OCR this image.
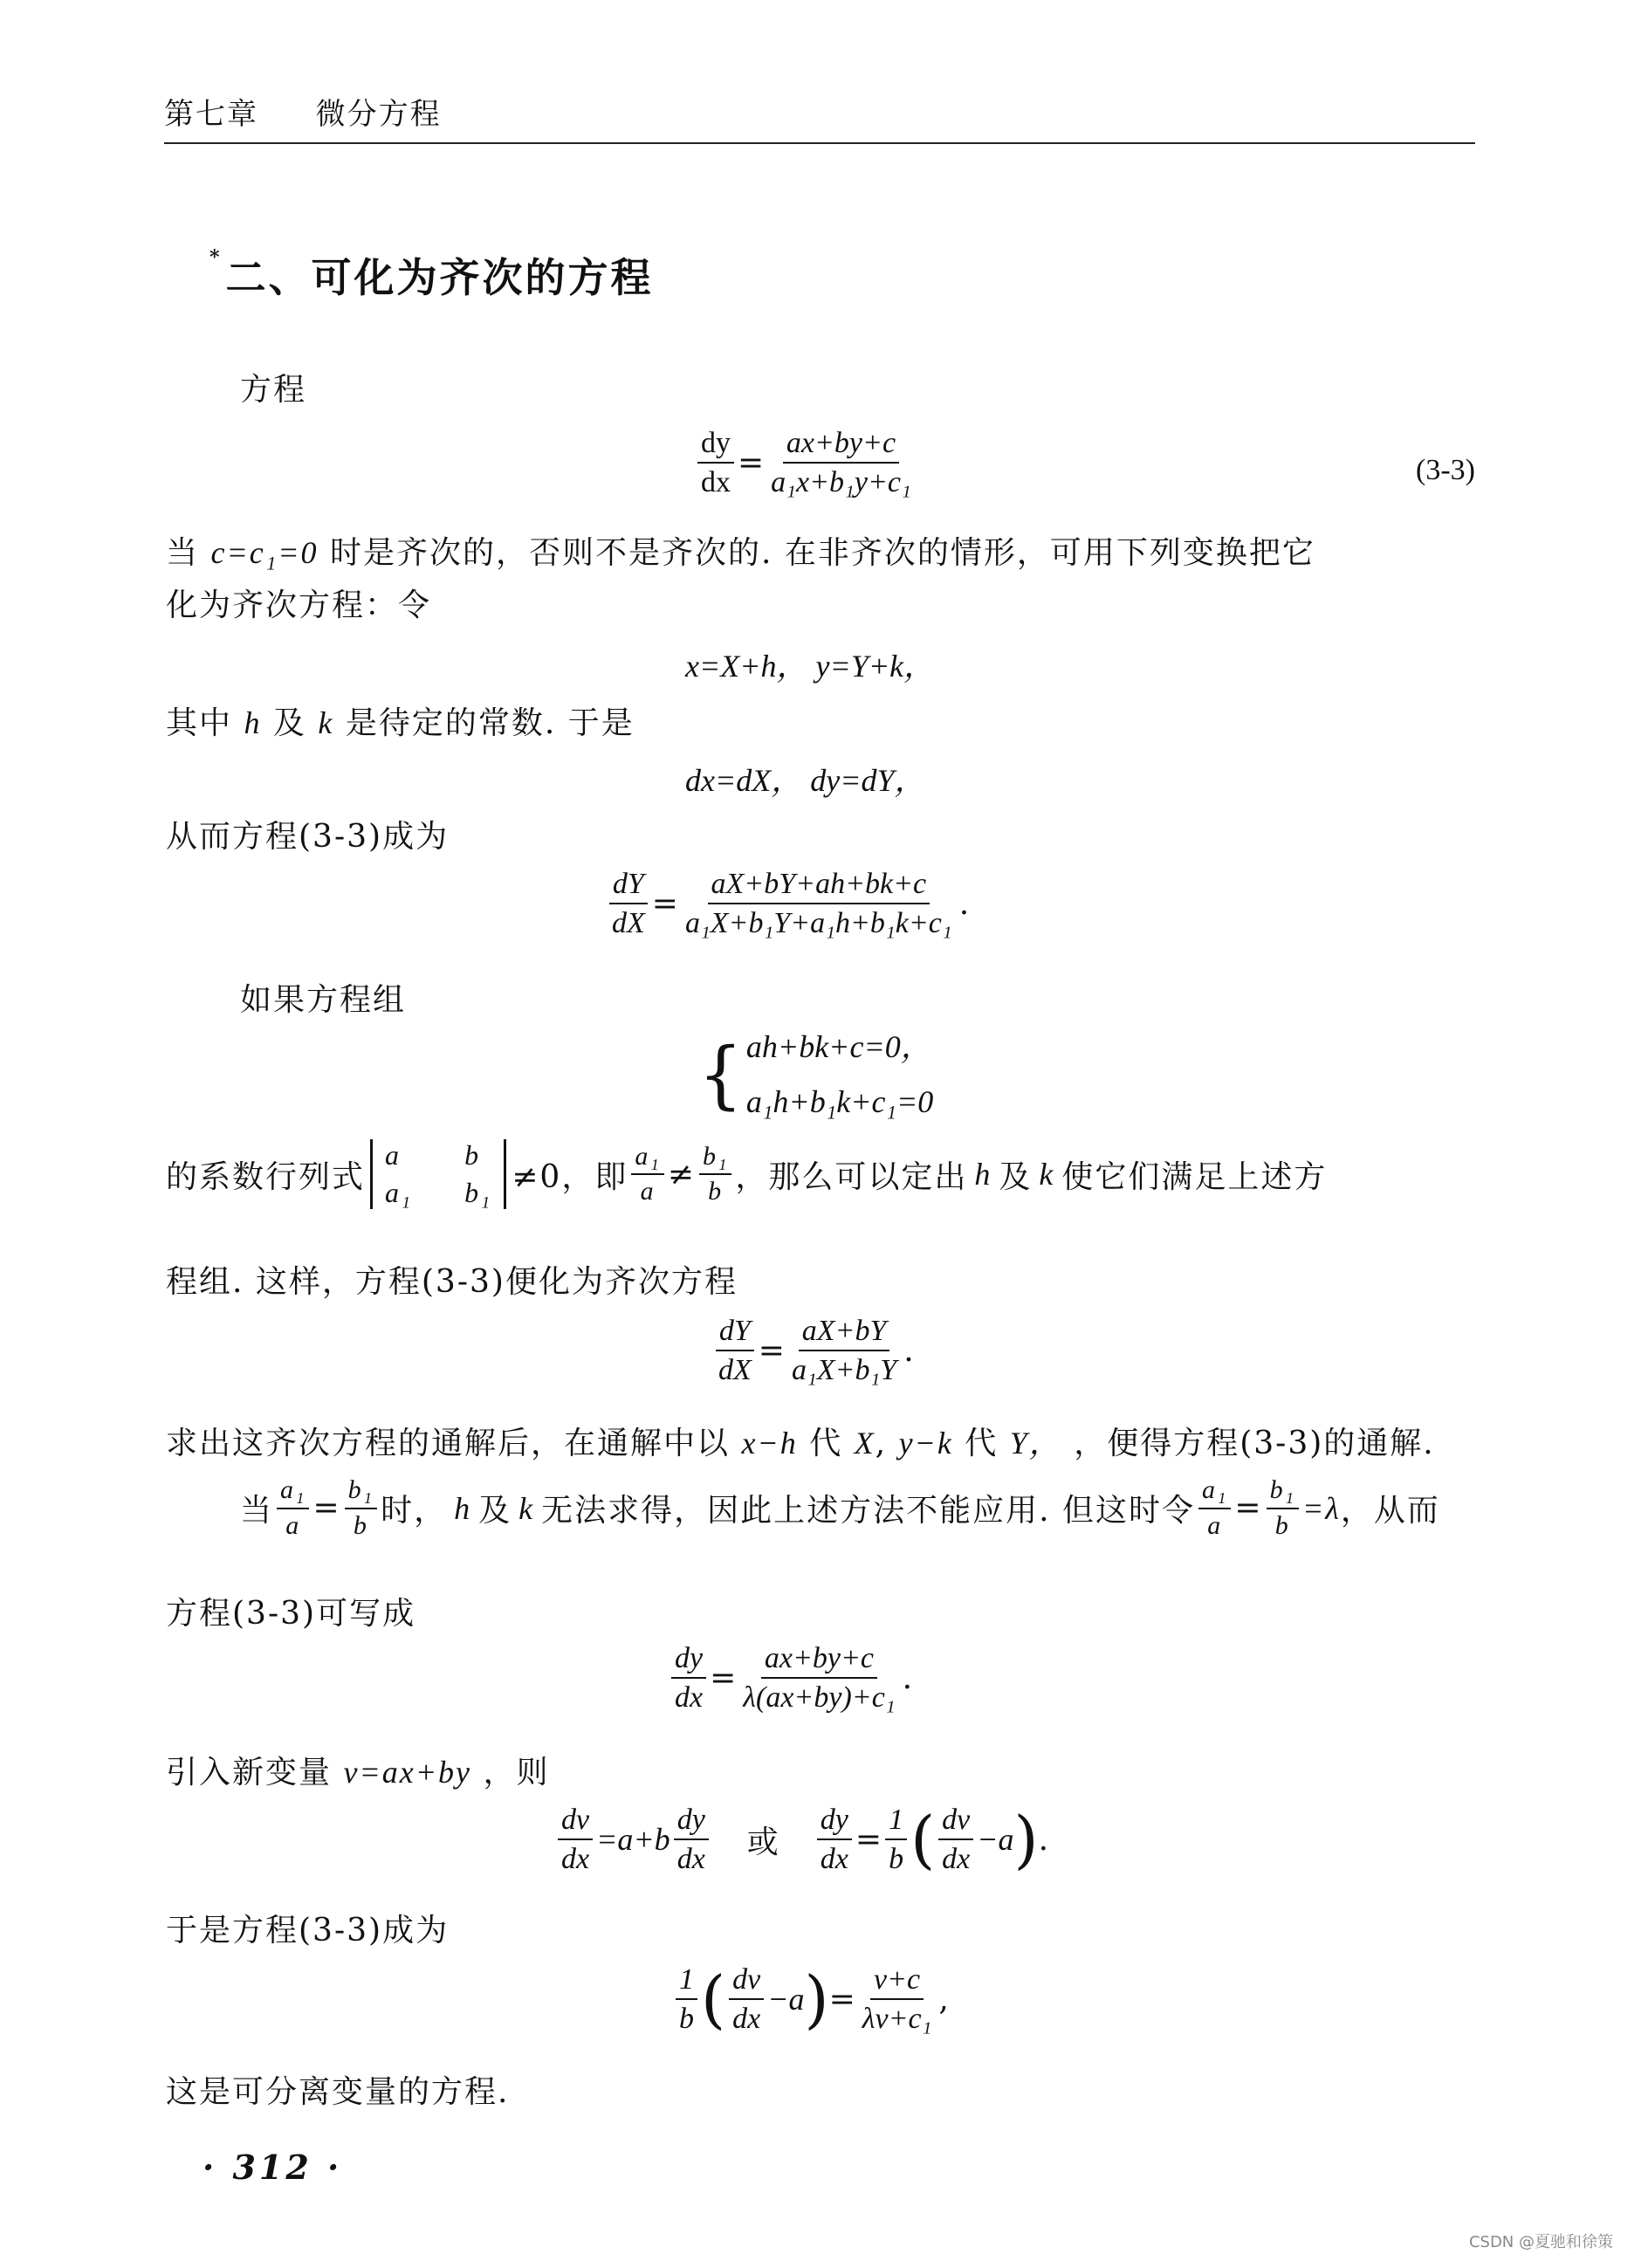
第七章 微分方程
*二、可化为齐次的方程
方程
$\frac{dy}{dx} = \frac{ax+by+c}{\text{a₁x+b₁y+c₁}}$	(3-3)
当 c=c₁=0 时是齐次的，否则不是齐次的. 在非齐次的情形，可用下列变换把它
化为齐次方程：令
x=X+h， y=Y+k，
其中 h 及 k 是待定的常数. 于是
dx=dX， dy=dY，
从而方程(3-3)成为
$\frac{dY}{dX} = \frac{aX+bY+ah+bk+c}{\text{a₁X+b₁Y+a₁h+b₁k+c₁}}$ .
如果方程组
{ ah+bk+c=0，
a₁h+b₁k+c₁=0
的系数行列式
a	b
a₁ b₁ ≠0，即 $\frac{\text{a₁}}{a} \ne \frac{\text{b₁}}{b}$ ，那么可以定出 h 及 k 使它们满足上述方
程组. 这样，方程(3-3)便化为齐次方程
$\frac{dY}{dX} = \frac{aX+bY}{\text{a₁X+b₁Y}}$ .
求出这齐次方程的通解后，在通解中以 x−h 代 X, y−k 代 Y， ，便得方程(3-3)的通解.
当 $\frac{\text{a₁}}{a} = \frac{\text{b₁}}{b}$ 时， h 及 k 无法求得，因此上述方法不能应用. 但这时令 $\frac{\text{a₁}}{a} = \frac{\text{b₁}}{b} =\lambda$ ，从而
方程(3-3)可写成
$\frac{dy}{dx} = \frac{ax+by+c}{\text{λ(ax+by)+c₁}}$ .
引入新变量 v=ax+by ，则
$\frac{dv}{dx} =a+b \frac{dy}{dx}$ 或 $\frac{dy}{dx} = \frac{1}{b}$ ( $\frac{dv}{dx} -a$ ) .
于是方程(3-3)成为
$\frac{1}{b}$ ( $\frac{dv}{dx} -a$ ) = $\frac{v+c}{\text{λv+c₁}}$ ,
这是可分离变量的方程.
· 312 ·
CSDN @夏驰和徐策
